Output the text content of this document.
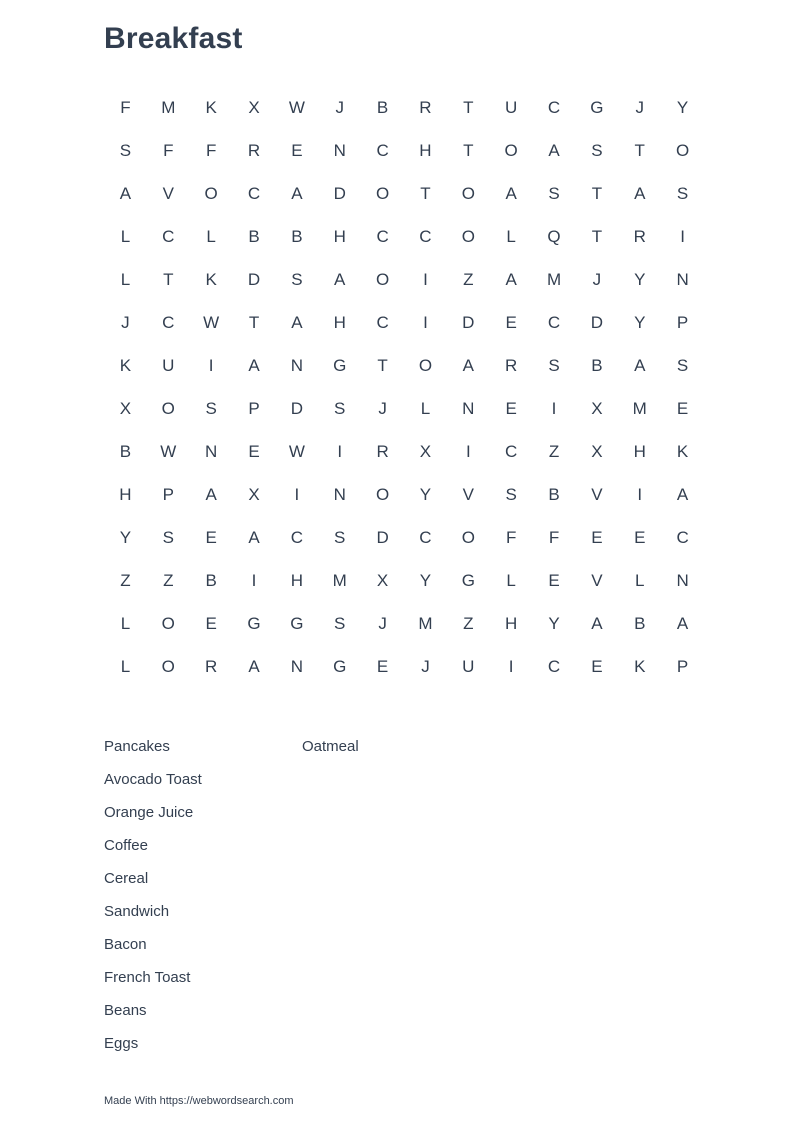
Breakfast
F	M	K	X	W	J	B	R	T	U	C	G	J	Y
S	F	F	R	E	N	C	H	T	O	A	S	T	O
A	V	O	C	A	D	O	T	O	A	S	T	A	S
L	C	L	B	B	H	C	C	O	L	Q	T	R	I
L	T	K	D	S	A	O	I	Z	A	M	J	Y	N
J	C	W	T	A	H	C	I	D	E	C	D	Y	P
K	U	I	A	N	G	T	O	A	R	S	B	A	S
X	O	S	P	D	S	J	L	N	E	I	X	M	E
B	W	N	E	W	I	R	X	I	C	Z	X	H	K
H	P	A	X	I	N	O	Y	V	S	B	V	I	A
Y	S	E	A	C	S	D	C	O	F	F	E	E	C
Z	Z	B	I	H	M	X	Y	G	L	E	V	L	N
L	O	E	G	G	S	J	M	Z	H	Y	A	B	A
L	O	R	A	N	G	E	J	U	I	C	E	K	P
Pancakes
Avocado Toast
Orange Juice
Coffee
Cereal
Sandwich
Bacon
French Toast
Beans
Eggs
Oatmeal
Made With https://webwordsearch.com
